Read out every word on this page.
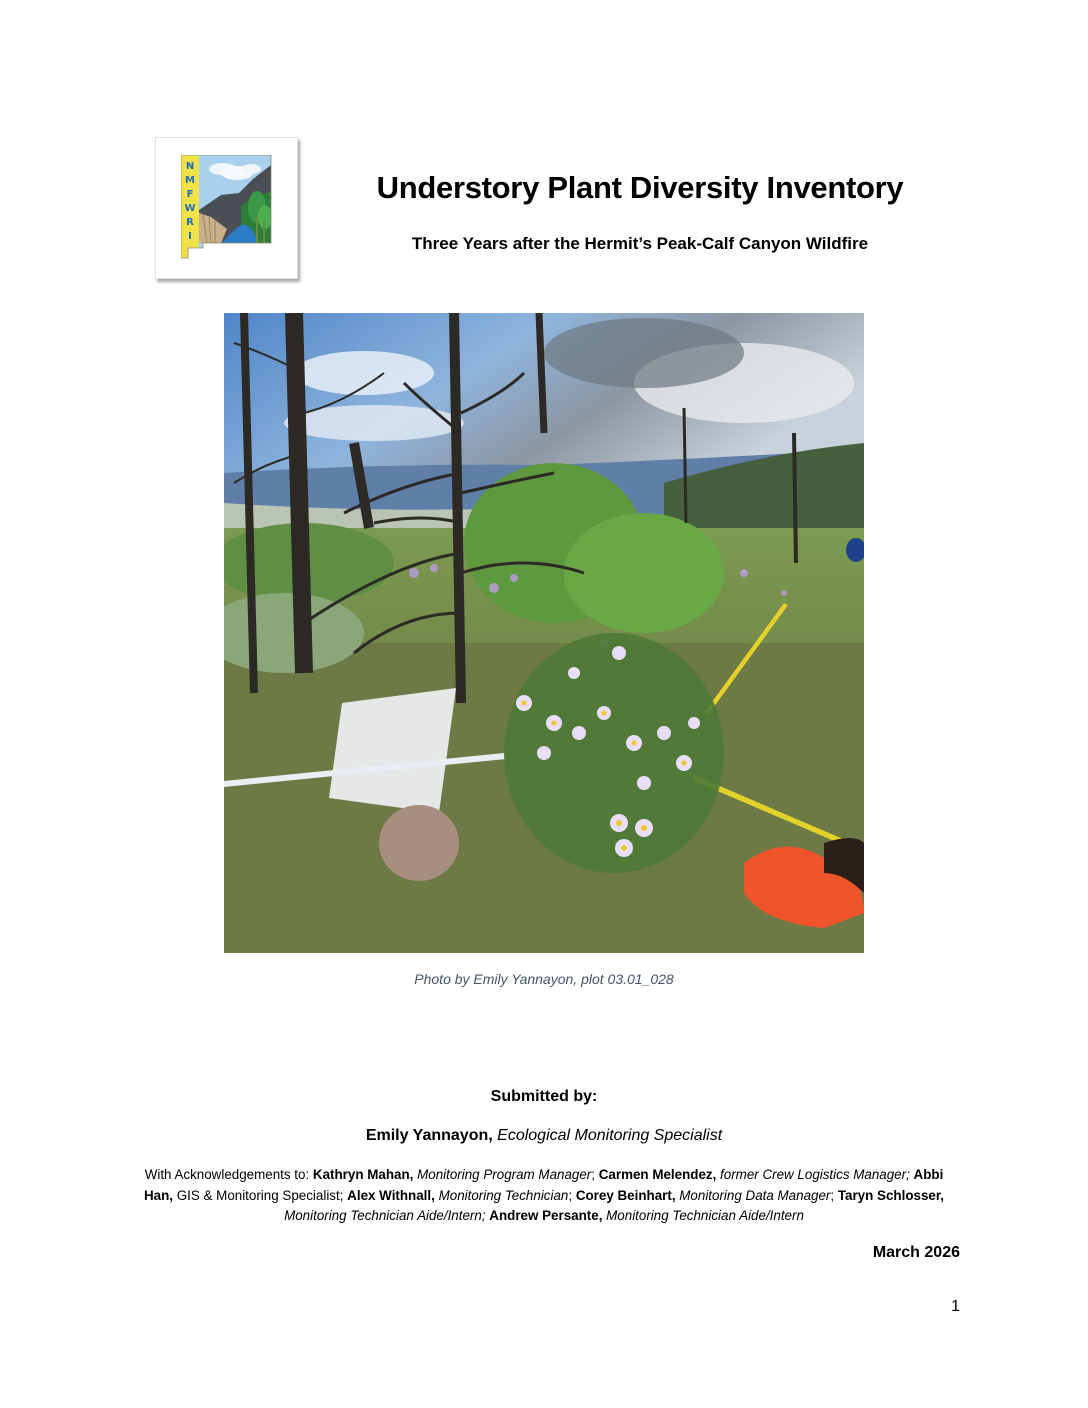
N
M
F
W
R
I
Understory Plant Diversity Inventory
Three Years after the Hermit’s Peak-Calf Canyon Wildfire
Photo by Emily Yannayon, plot 03.01_028
Submitted by:
Emily Yannayon, Ecological Monitoring Specialist
With Acknowledgements to: Kathryn Mahan, Monitoring Program Manager; Carmen Melendez, former Crew Logistics Manager; Abbi Han, GIS & Monitoring Specialist; Alex Withnall, Monitoring Technician; Corey Beinhart, Monitoring Data Manager; Taryn Schlosser, Monitoring Technician Aide/Intern; Andrew Persante, Monitoring Technician Aide/Intern
March 2026
1
